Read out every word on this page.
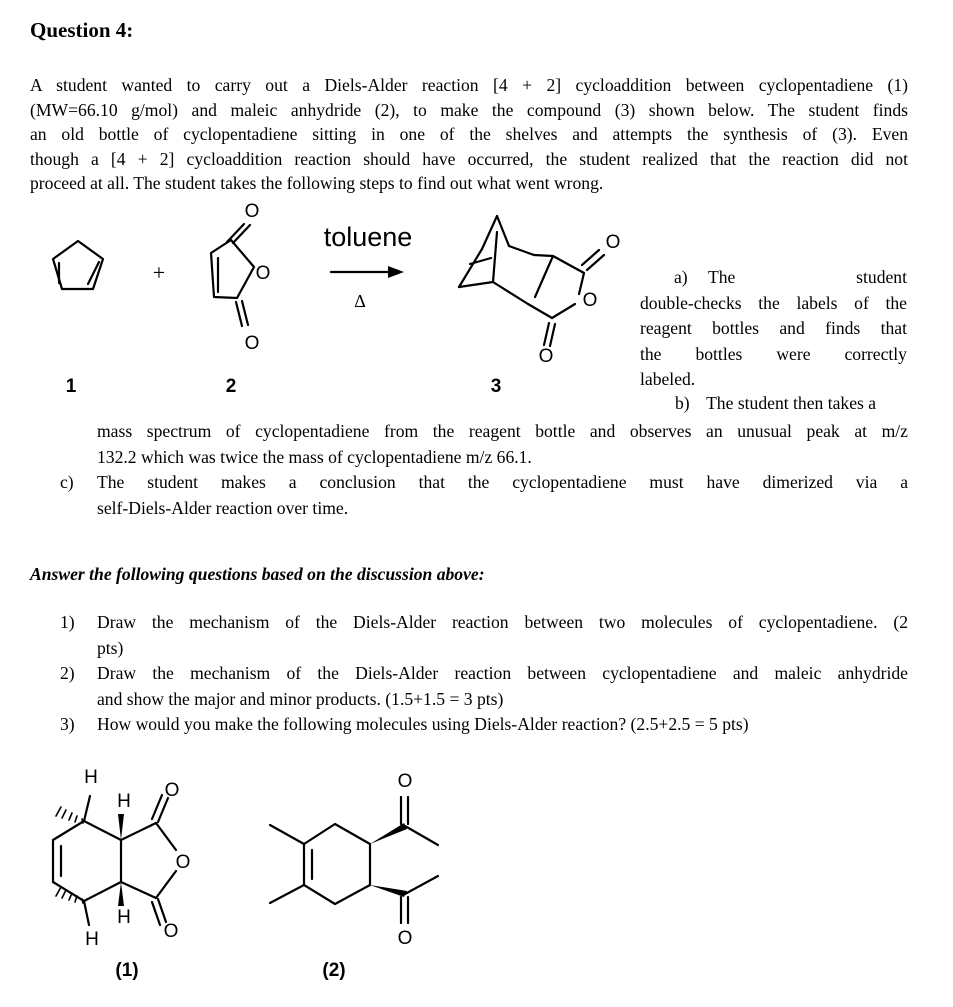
Question 4:
A student wanted to carry out a Diels-Alder reaction [4 + 2] cycloaddition between cyclopentadiene (1)
(MW=66.10 g/mol) and maleic anhydride (2), to make the compound (3) shown below. The student finds
an old bottle of cyclopentadiene sitting in one of the shelves and attempts the synthesis of (3). Even
though a [4 + 2] cycloaddition reaction should have occurred, the student realized that the reaction did not
proceed at all. The student takes the following steps to find out what went wrong.
+
O
O
O
toluene
Δ
O
O
O
1	2	3
a) The	student
double-checks the labels of the
reagent bottles and finds that
the bottles were correctly
labeled.
b) The student then takes a
mass spectrum of cyclopentadiene from the reagent bottle and observes an unusual peak at m/z
132.2 which was twice the mass of cyclopentadiene m/z 66.1.
c) The student makes a conclusion that the cyclopentadiene must have dimerized via a
self-Diels-Alder reaction over time.
Answer the following questions based on the discussion above:
1) Draw the mechanism of the Diels-Alder reaction between two molecules of cyclopentadiene. (2
pts)
2) Draw the mechanism of the Diels-Alder reaction between cyclopentadiene and maleic anhydride
and show the major and minor products. (1.5+1.5 = 3 pts)
3) How would you make the following molecules using Diels-Alder reaction? (2.5+2.5 = 5 pts)
H
H
H
H
O
O
O
O
O
(1)	(2)
